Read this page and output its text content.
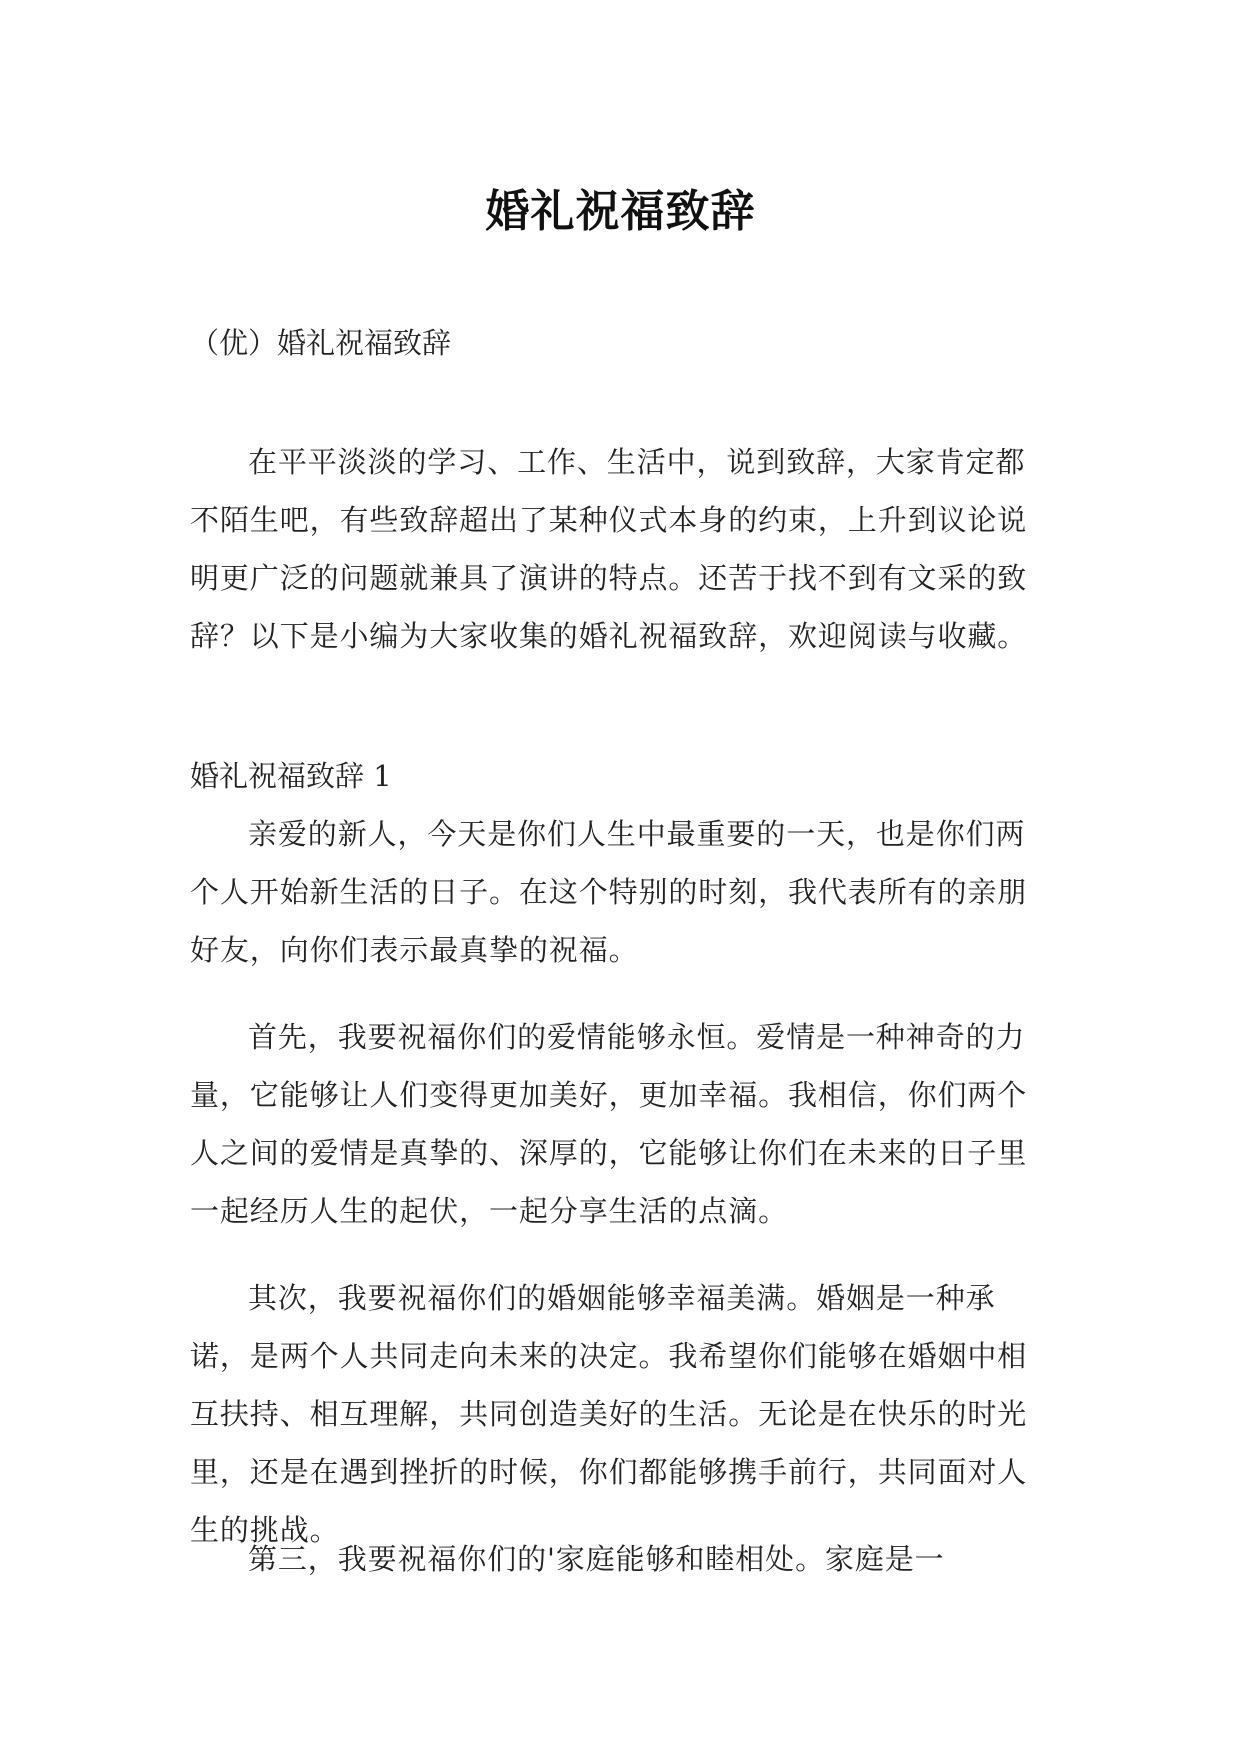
婚礼祝福致辞

（优）婚礼祝福致辞

在平平淡淡的学习、工作、生活中，说到致辞，大家肯定都不陌生吧，有些致辞超出了某种仪式本身的约束，上升到议论说明更广泛的问题就兼具了演讲的特点。还苦于找不到有文采的致辞？以下是小编为大家收集的婚礼祝福致辞，欢迎阅读与收藏。

婚礼祝福致辞 1

亲爱的新人，今天是你们人生中最重要的一天，也是你们两个人开始新生活的日子。在这个特别的时刻，我代表所有的亲朋好友，向你们表示最真挚的祝福。

首先，我要祝福你们的爱情能够永恒。爱情是一种神奇的力量，它能够让人们变得更加美好，更加幸福。我相信，你们两个人之间的爱情是真挚的、深厚的，它能够让你们在未来的日子里一起经历人生的起伏，一起分享生活的点滴。

其次，我要祝福你们的婚姻能够幸福美满。婚姻是一种承诺，是两个人共同走向未来的决定。我希望你们能够在婚姻中相互扶持、相互理解，共同创造美好的生活。无论是在快乐的时光里，还是在遇到挫折的时候，你们都能够携手前行，共同面对人生的挑战。

第三，我要祝福你们的'家庭能够和睦相处。家庭是一
